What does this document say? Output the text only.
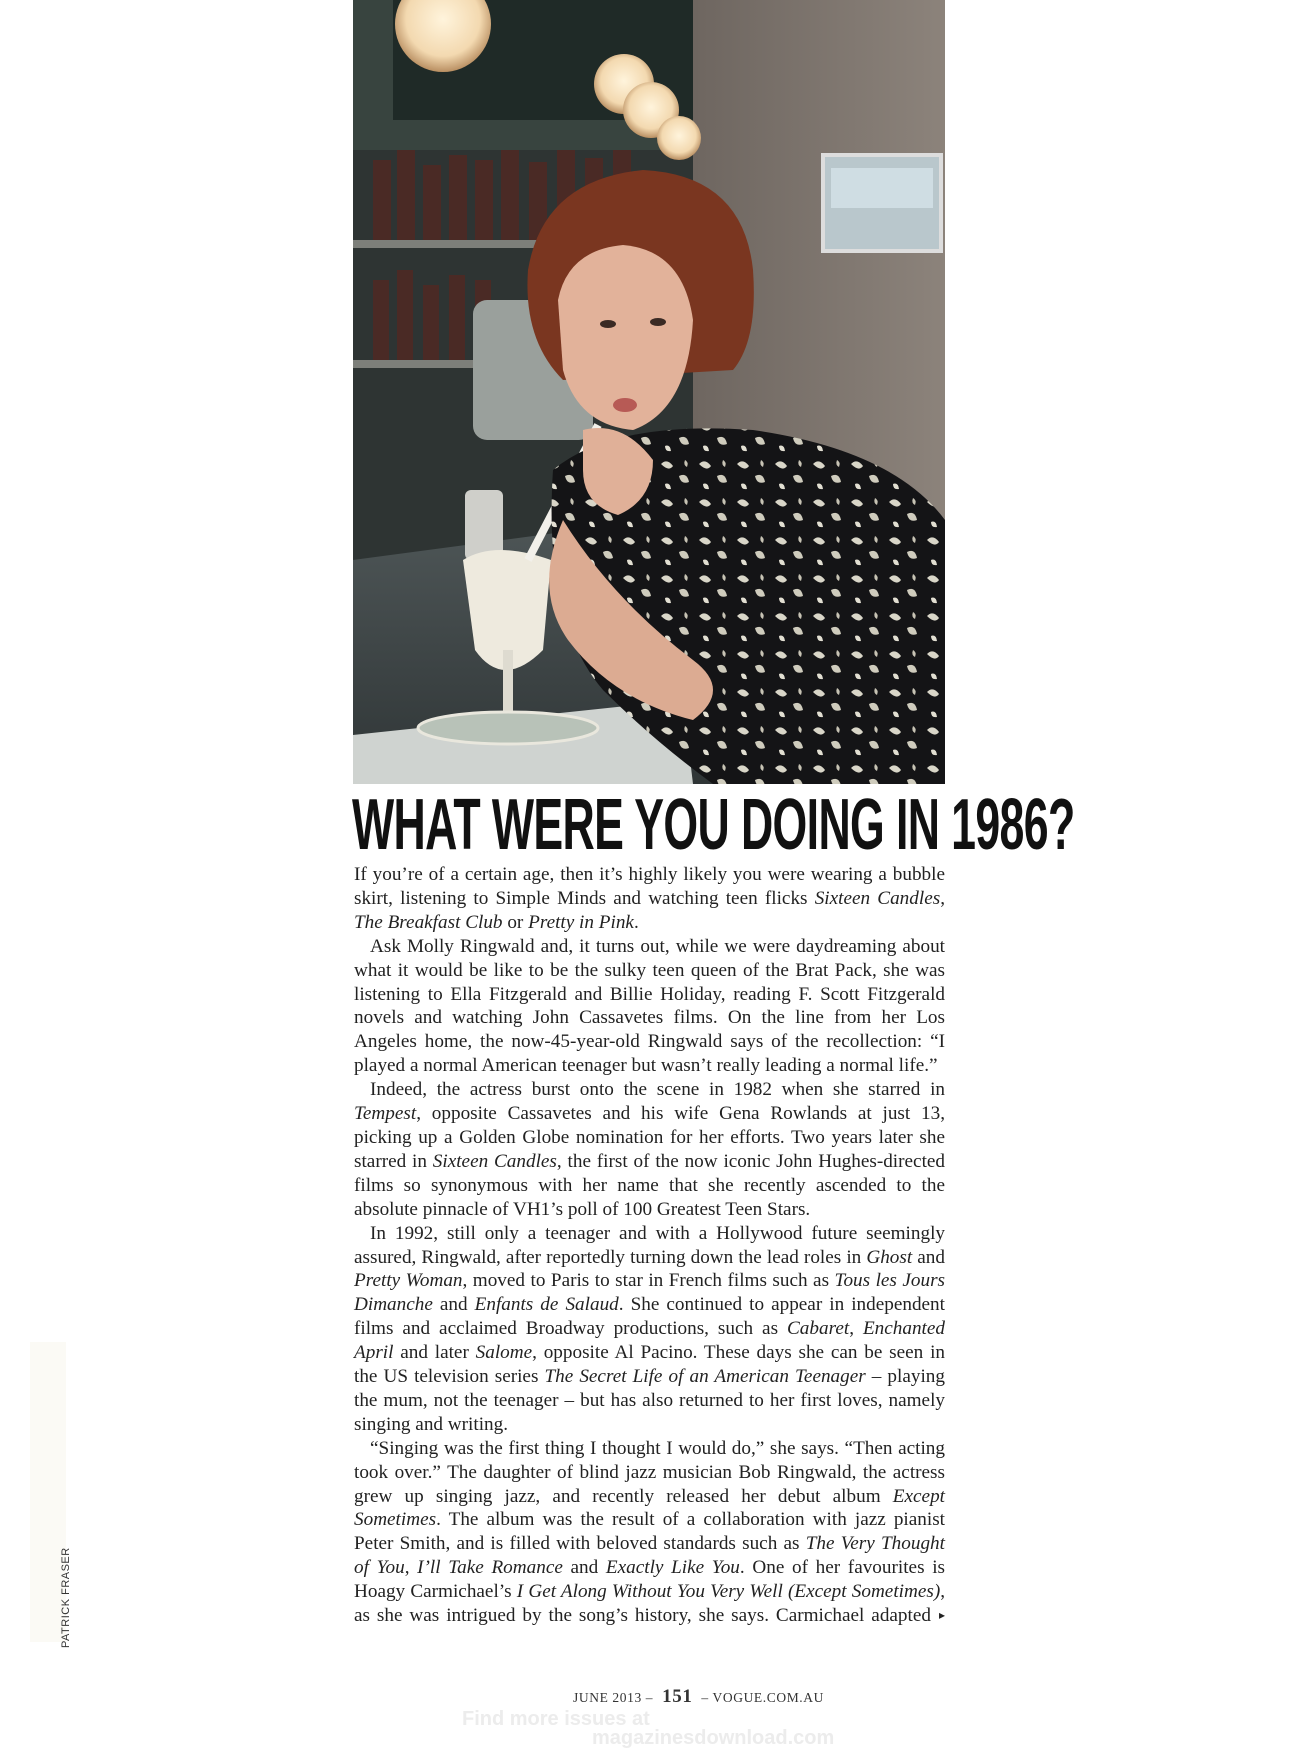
WHAT WERE YOU DOING IN 1986?

If you’re of a certain age, then it’s highly likely you were wearing a bubble skirt, listening to Simple Minds and watching teen flicks Sixteen Candles, The Breakfast Club or Pretty in Pink.

Ask Molly Ringwald and, it turns out, while we were daydreaming about what it would be like to be the sulky teen queen of the Brat Pack, she was listening to Ella Fitzgerald and Billie Holiday, reading F. Scott Fitzgerald novels and watching John Cassavetes films. On the line from her Los Angeles home, the now-45-year-old Ringwald says of the recollection: “I played a normal American teenager but wasn’t really leading a normal life.”

Indeed, the actress burst onto the scene in 1982 when she starred in Tempest, opposite Cassavetes and his wife Gena Rowlands at just 13, picking up a Golden Globe nomination for her efforts. Two years later she starred in Sixteen Candles, the first of the now iconic John Hughes-directed films so synonymous with her name that she recently ascended to the absolute pinnacle of VH1’s poll of 100 Greatest Teen Stars.

In 1992, still only a teenager and with a Hollywood future seemingly assured, Ringwald, after reportedly turning down the lead roles in Ghost and Pretty Woman, moved to Paris to star in French films such as Tous les Jours Dimanche and Enfants de Salaud. She continued to appear in independent films and acclaimed Broadway productions, such as Cabaret, Enchanted April and later Salome, opposite Al Pacino. These days she can be seen in the US television series The Secret Life of an American Teenager – playing the mum, not the teenager – but has also returned to her first loves, namely singing and writing.

“Singing was the first thing I thought I would do,” she says. “Then acting took over.” The daughter of blind jazz musician Bob Ringwald, the actress grew up singing jazz, and recently released her debut album Except Sometimes. The album was the result of a collaboration with jazz pianist Peter Smith, and is filled with beloved standards such as The Very Thought of You, I’ll Take Romance and Exactly Like You. One of her favourites is Hoagy Carmichael’s I Get Along Without You Very Well (Except Sometimes), as she was intrigued by the song’s history, she says. Carmichael adapted ▸

PATRICK FRASER
JUNE 2013 – 151 – VOGUE.COM.AU
Find more issues at
magazinesdownload.com
